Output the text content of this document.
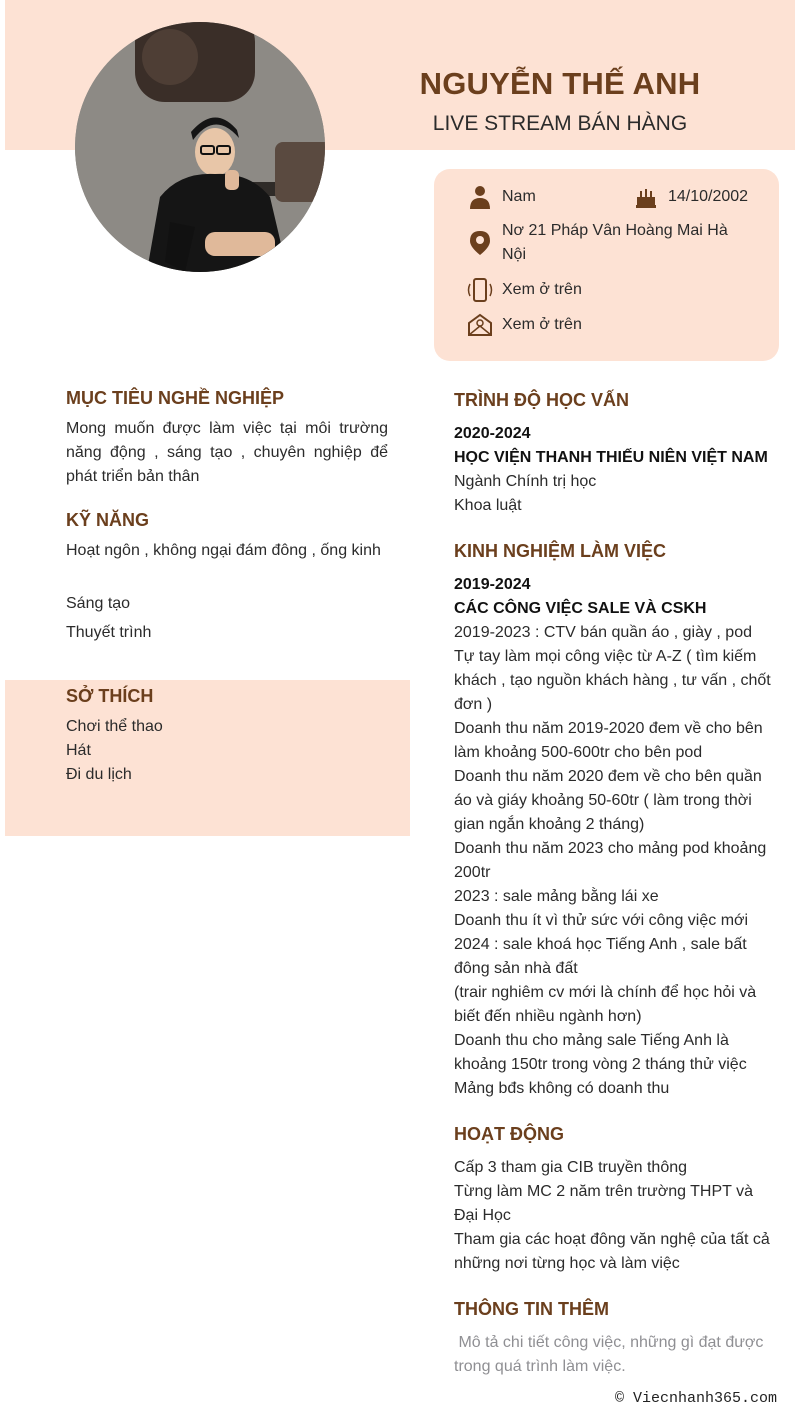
NGUYỄN THẾ ANH
LIVE STREAM BÁN HÀNG
Nam	14/10/2002
Nơ 21 Pháp Vân Hoàng Mai Hà Nội
Xem ở trên
Xem ở trên
MỤC TIÊU NGHỀ NGHIỆP
Mong muốn được làm việc tại môi trường năng động , sáng tạo , chuyên nghiệp để phát triển bản thân
KỸ NĂNG
Hoạt ngôn , không ngại đám đông , ống kinh
Sáng tạo
Thuyết trình
SỞ THÍCH
Chơi thể thao
Hát
Đi du lịch
TRÌNH ĐỘ HỌC VẤN
2020-2024
HỌC VIỆN THANH THIẾU NIÊN VIỆT NAM
Ngành Chính trị học
Khoa luật
KINH NGHIỆM LÀM VIỆC
2019-2024
CÁC CÔNG VIỆC SALE VÀ CSKH
2019-2023 : CTV bán quần áo , giày , pod
Tự tay làm mọi công việc từ A-Z ( tìm kiếm khách , tạo nguồn khách hàng , tư vấn , chốt đơn )
Doanh thu năm 2019-2020 đem về cho bên làm khoảng 500-600tr cho bên pod
Doanh thu năm 2020 đem về cho bên quần áo và giáy khoảng 50-60tr ( làm trong thời gian ngắn khoảng 2 tháng)
Doanh thu năm 2023 cho mảng pod khoảng 200tr
2023 : sale mảng bằng lái xe
Doanh thu ít vì thử sức với công việc mới
2024 : sale khoá học Tiếng Anh , sale bất đông sản nhà đất
(trair nghiêm cv mới là chính để học hỏi và biết đến nhiều ngành hơn)
Doanh thu cho mảng sale Tiếng Anh là khoảng 150tr trong vòng 2 tháng thử việc
Mảng bđs không có doanh thu
HOẠT ĐỘNG
Cấp 3 tham gia CIB truyền thông
Từng làm MC 2 năm trên trường THPT và Đại Học
Tham gia các hoạt đông văn nghệ của tất cả những nơi từng học và làm việc
THÔNG TIN THÊM
Mô tả chi tiết công việc, những gì đạt được trong quá trình làm việc.
© Viecnhanh365.com
